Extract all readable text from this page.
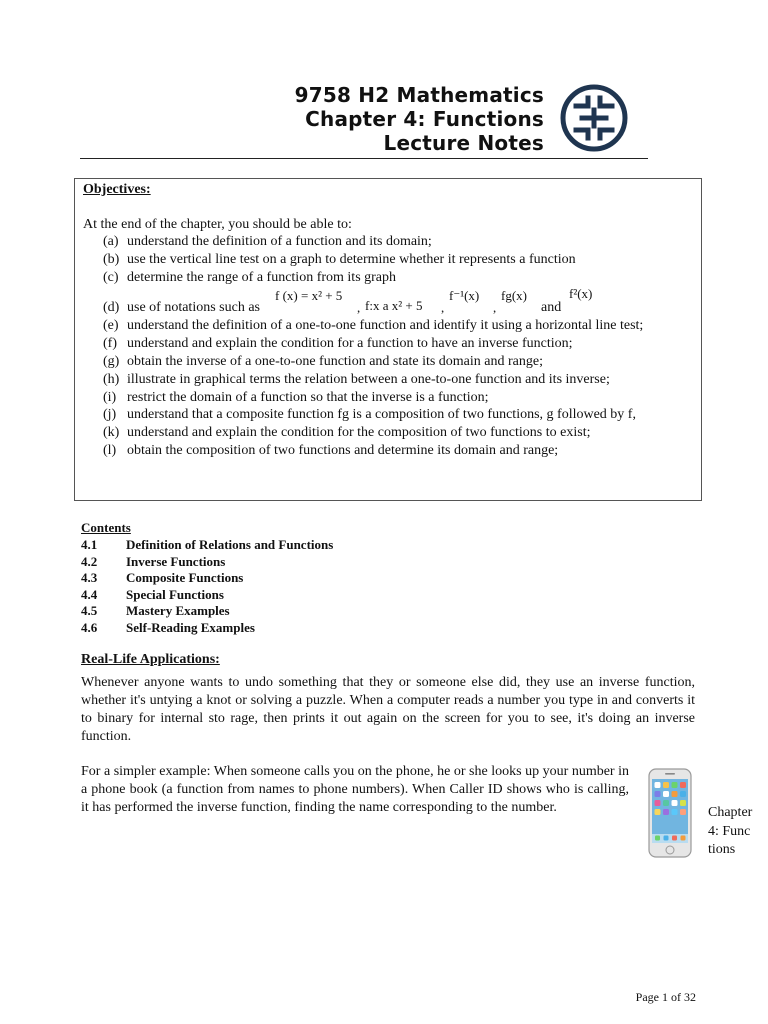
9758 H2 Mathematics
Chapter 4: Functions
Lecture Notes
Objectives:
At the end of the chapter, you should be able to:
(a) understand the definition of a function and its domain;
(b) use the vertical line test on a graph to determine whether it represents a function
(c) determine the range of a function from its graph
(d) use of notations such as
f (x) = x² + 5
, f:x a x² + 5 ,
f⁻¹(x)
,
fg(x)
and
f²(x)
(e) understand the definition of a one-to-one function and identify it using a horizontal line test;
(f) understand and explain the condition for a function to have an inverse function;
(g) obtain the inverse of a one-to-one function and state its domain and range;
(h) illustrate in graphical terms the relation between a one-to-one function and its inverse;
(i) restrict the domain of a function so that the inverse is a function;
(j) understand that a composite function fg is a composition of two functions, g followed by f,
(k) understand and explain the condition for the composition of two functions to exist;
(l) obtain the composition of two functions and determine its domain and range;
Contents
4.1 Definition of Relations and Functions
4.2 Inverse Functions
4.3 Composite Functions
4.4 Special Functions
4.5 Mastery Examples
4.6 Self-Reading Examples
Real-Life Applications:
Whenever anyone wants to undo something that they or someone else did, they use an inverse function, whether it's untying a knot or solving a puzzle. When a computer reads a number you type in and converts it to binary for internal sto rage, then prints it out again on the screen for you to see, it's doing an inverse function.
For a simpler example: When someone calls you on the phone, he or she looks up your number in a phone book (a function from names to phone numbers). When Caller ID shows who is calling, it has performed the inverse function, finding the name corresponding to the number.	Chapter 4: Functions
Page 1 of 32
